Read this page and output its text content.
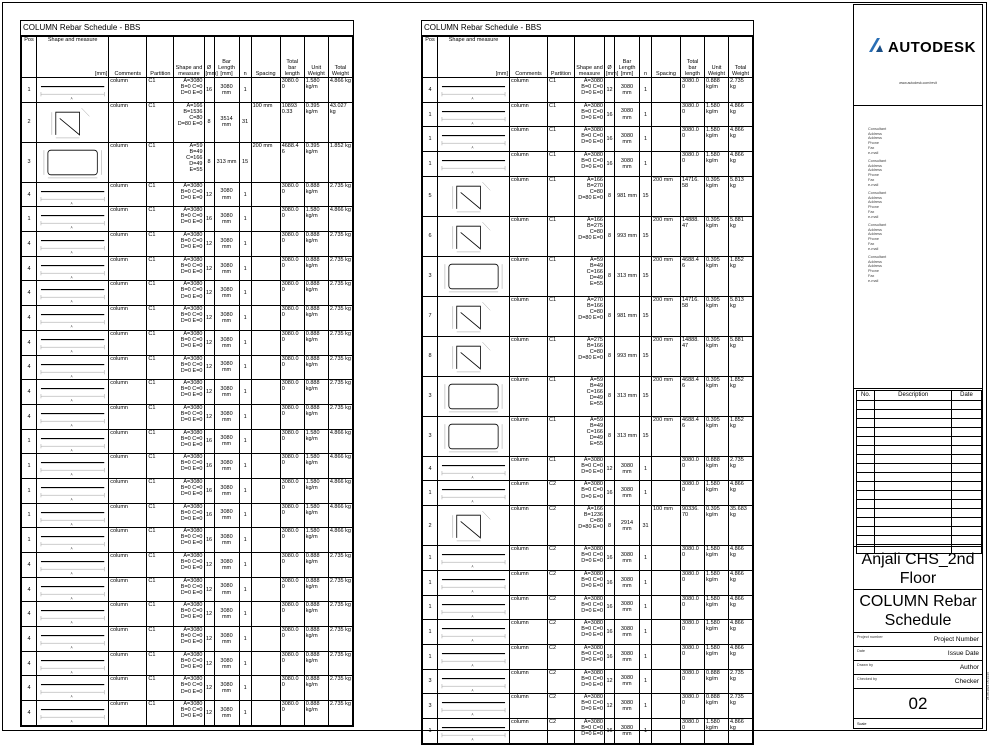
COLUMN Rebar Schedule - BBS
Pos	Shape and measure
[mm]	Comments	Partition	Shape and measure	Ø [mm]	Bar Length [mm]	n	Spacing	Total bar length	Unit Weight	Total Weight
1	A	column	C1	A=3080 B=0 C=0 D=0 E=0	16	3080 mm	1		3080.0 0	1.580 kg/m	4.866 kg
2		column	C1	A=166 B=1536 C=80 D=80 E=0	8	3514 mm	31	100 mm	10893 0.33	0.395 kg/m	43.027 kg
3		column	C1	A=59 B=49 C=166 D=49 E=55	8	313 mm	15	200 mm	4688.4 6	0.395 kg/m	1.852 kg
4	A	column	C1	A=3080 B=0 C=0 D=0 E=0	12	3080 mm	1		3080.0 0	0.888 kg/m	2.735 kg
1	A	column	C1	A=3080 B=0 C=0 D=0 E=0	16	3080 mm	1		3080.0 0	1.580 kg/m	4.866 kg
4	A	column	C1	A=3080 B=0 C=0 D=0 E=0	12	3080 mm	1		3080.0 0	0.888 kg/m	2.735 kg
4	A	column	C1	A=3080 B=0 C=0 D=0 E=0	12	3080 mm	1		3080.0 0	0.888 kg/m	2.735 kg
4	A	column	C1	A=3080 B=0 C=0 D=0 E=0	12	3080 mm	1		3080.0 0	0.888 kg/m	2.735 kg
4	A	column	C1	A=3080 B=0 C=0 D=0 E=0	12	3080 mm	1		3080.0 0	0.888 kg/m	2.735 kg
4	A	column	C1	A=3080 B=0 C=0 D=0 E=0	12	3080 mm	1		3080.0 0	0.888 kg/m	2.735 kg
4	A	column	C1	A=3080 B=0 C=0 D=0 E=0	12	3080 mm	1		3080.0 0	0.888 kg/m	2.735 kg
4	A	column	C1	A=3080 B=0 C=0 D=0 E=0	12	3080 mm	1		3080.0 0	0.888 kg/m	2.735 kg
4	A	column	C1	A=3080 B=0 C=0 D=0 E=0	12	3080 mm	1		3080.0 0	0.888 kg/m	2.735 kg
1	A	column	C1	A=3080 B=0 C=0 D=0 E=0	16	3080 mm	1		3080.0 0	1.580 kg/m	4.866 kg
1	A	column	C1	A=3080 B=0 C=0 D=0 E=0	16	3080 mm	1		3080.0 0	1.580 kg/m	4.866 kg
1	A	column	C1	A=3080 B=0 C=0 D=0 E=0	16	3080 mm	1		3080.0 0	1.580 kg/m	4.866 kg
1	A	column	C1	A=3080 B=0 C=0 D=0 E=0	16	3080 mm	1		3080.0 0	1.580 kg/m	4.866 kg
1	A	column	C1	A=3080 B=0 C=0 D=0 E=0	16	3080 mm	1		3080.0 0	1.580 kg/m	4.866 kg
4	A	column	C1	A=3080 B=0 C=0 D=0 E=0	12	3080 mm	1		3080.0 0	0.888 kg/m	2.735 kg
4	A	column	C1	A=3080 B=0 C=0 D=0 E=0	12	3080 mm	1		3080.0 0	0.888 kg/m	2.735 kg
4	A	column	C1	A=3080 B=0 C=0 D=0 E=0	12	3080 mm	1		3080.0 0	0.888 kg/m	2.735 kg
4	A	column	C1	A=3080 B=0 C=0 D=0 E=0	12	3080 mm	1		3080.0 0	0.888 kg/m	2.735 kg
4	A	column	C1	A=3080 B=0 C=0 D=0 E=0	12	3080 mm	1		3080.0 0	0.888 kg/m	2.735 kg
4	A	column	C1	A=3080 B=0 C=0 D=0 E=0	12	3080 mm	1		3080.0 0	0.888 kg/m	2.735 kg
4	A	column	C1	A=3080 B=0 C=0 D=0 E=0	12	3080 mm	1		3080.0 0	0.888 kg/m	2.735 kg
COLUMN Rebar Schedule - BBS
Pos	Shape and measure
[mm]	Comments	Partition	Shape and measure	Ø [mm]	Bar Length [mm]	n	Spacing	Total bar length	Unit Weight	Total Weight
4	A	column	C1	A=3080 B=0 C=0 D=0 E=0	12	3080 mm	1		3080.0 0	0.888 kg/m	2.735 kg
1	A	column	C1	A=3080 B=0 C=0 D=0 E=0	16	3080 mm	1		3080.0 0	1.580 kg/m	4.866 kg
1	A	column	C1	A=3080 B=0 C=0 D=0 E=0	16	3080 mm	1		3080.0 0	1.580 kg/m	4.866 kg
1	A	column	C1	A=3080 B=0 C=0 D=0 E=0	16	3080 mm	1		3080.0 0	1.580 kg/m	4.866 kg
5		column	C1	A=166 B=270 C=80 D=80 E=0	8	981 mm	15	200 mm	14716. 58	0.395 kg/m	5.813 kg
6		column	C1	A=166 B=275 C=80 D=80 E=0	8	993 mm	15	200 mm	14888. 47	0.395 kg/m	5.881 kg
3		column	C1	A=59 B=49 C=166 D=49 E=55	8	313 mm	15	200 mm	4688.4 6	0.395 kg/m	1.852 kg
7		column	C1	A=270 B=166 C=80 D=80 E=0	8	981 mm	15	200 mm	14716. 58	0.395 kg/m	5.813 kg
8		column	C1	A=275 B=166 C=80 D=80 E=0	8	993 mm	15	200 mm	14888. 47	0.395 kg/m	5.881 kg
3		column	C1	A=59 B=49 C=166 D=49 E=55	8	313 mm	15	200 mm	4688.4 6	0.395 kg/m	1.852 kg
3		column	C1	A=59 B=49 C=166 D=49 E=55	8	313 mm	15	200 mm	4688.4 6	0.395 kg/m	1.852 kg
4	A	column	C1	A=3080 B=0 C=0 D=0 E=0	12	3080 mm	1		3080.0 0	0.888 kg/m	2.735 kg
1	A	column	C2	A=3080 B=0 C=0 D=0 E=0	16	3080 mm	1		3080.0 0	1.580 kg/m	4.866 kg
2		column	C2	A=166 B=1236 C=80 D=80 E=0	8	2914 mm	31	100 mm	90336. 70	0.395 kg/m	35.683 kg
1	A	column	C2	A=3080 B=0 C=0 D=0 E=0	16	3080 mm	1		3080.0 0	1.580 kg/m	4.866 kg
1	A	column	C2	A=3080 B=0 C=0 D=0 E=0	16	3080 mm	1		3080.0 0	1.580 kg/m	4.866 kg
1	A	column	C2	A=3080 B=0 C=0 D=0 E=0	16	3080 mm	1		3080.0 0	1.580 kg/m	4.866 kg
1	A	column	C2	A=3080 B=0 C=0 D=0 E=0	16	3080 mm	1		3080.0 0	1.580 kg/m	4.866 kg
1	A	column	C2	A=3080 B=0 C=0 D=0 E=0	16	3080 mm	1		3080.0 0	1.580 kg/m	4.866 kg
3	A	column	C2	A=3080 B=0 C=0 D=0 E=0	12	3080 mm	1		3080.0 0	0.888 kg/m	2.735 kg
3	A	column	C2	A=3080 B=0 C=0 D=0 E=0	12	3080 mm	1		3080.0 0	0.888 kg/m	2.735 kg
1	A	column	C2	A=3080 B=0 C=0 D=0 E=0	16	3080 mm	1		3080.0 0	1.580 kg/m	4.866 kg
AUTODESK
www.autodesk.com/revit
Consultant
Address
Address
Phone
Fax
e-mail
Consultant
Address
Address
Phone
Fax
e-mail
Consultant
Address
Address
Phone
Fax
e-mail
Consultant
Address
Address
Phone
Fax
e-mail
Consultant
Address
Address
Phone
Fax
e-mail
No.	Description	Date
Anjali CHS_2nd Floor
COLUMN Rebar Schedule
Project number	Project Number
Date	Issue Date
Drawn by	Author
Checked by	Checker
02
Scale
28-08-2024 15:34:26
